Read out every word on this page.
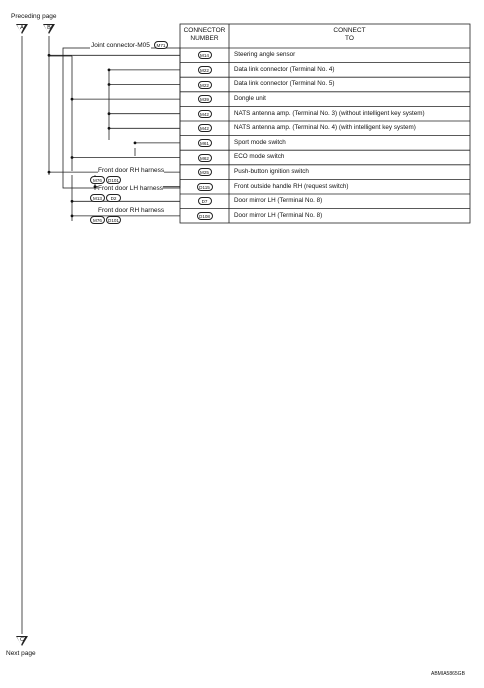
Preceding page
A	B
Joint connector-M05	M71
CONNECTOR
NUMBER
CONNECT
TO
M14	Steering angle sensor
M22	Data link connector (Terminal No. 4)
M22	Data link connector (Terminal No. 5)
M39	Dongle unit
M42	NATS antenna amp. (Terminal No. 3) (without intelligent key system)
M42	NATS antenna amp. (Terminal No. 4) (with intelligent key system)
M61	Sport mode switch
M62	ECO mode switch
M25	Push-button ignition switch
D115	Front outside handle RH (request switch)
D7	Door mirror LH (Terminal No. 8)
D108	Door mirror LH (Terminal No. 8)
Front door RH harness
M76	D101
Front door LH harness
M13	D2
Front door RH harness
M76	D101
C
Next page
ABMIA5865GB
